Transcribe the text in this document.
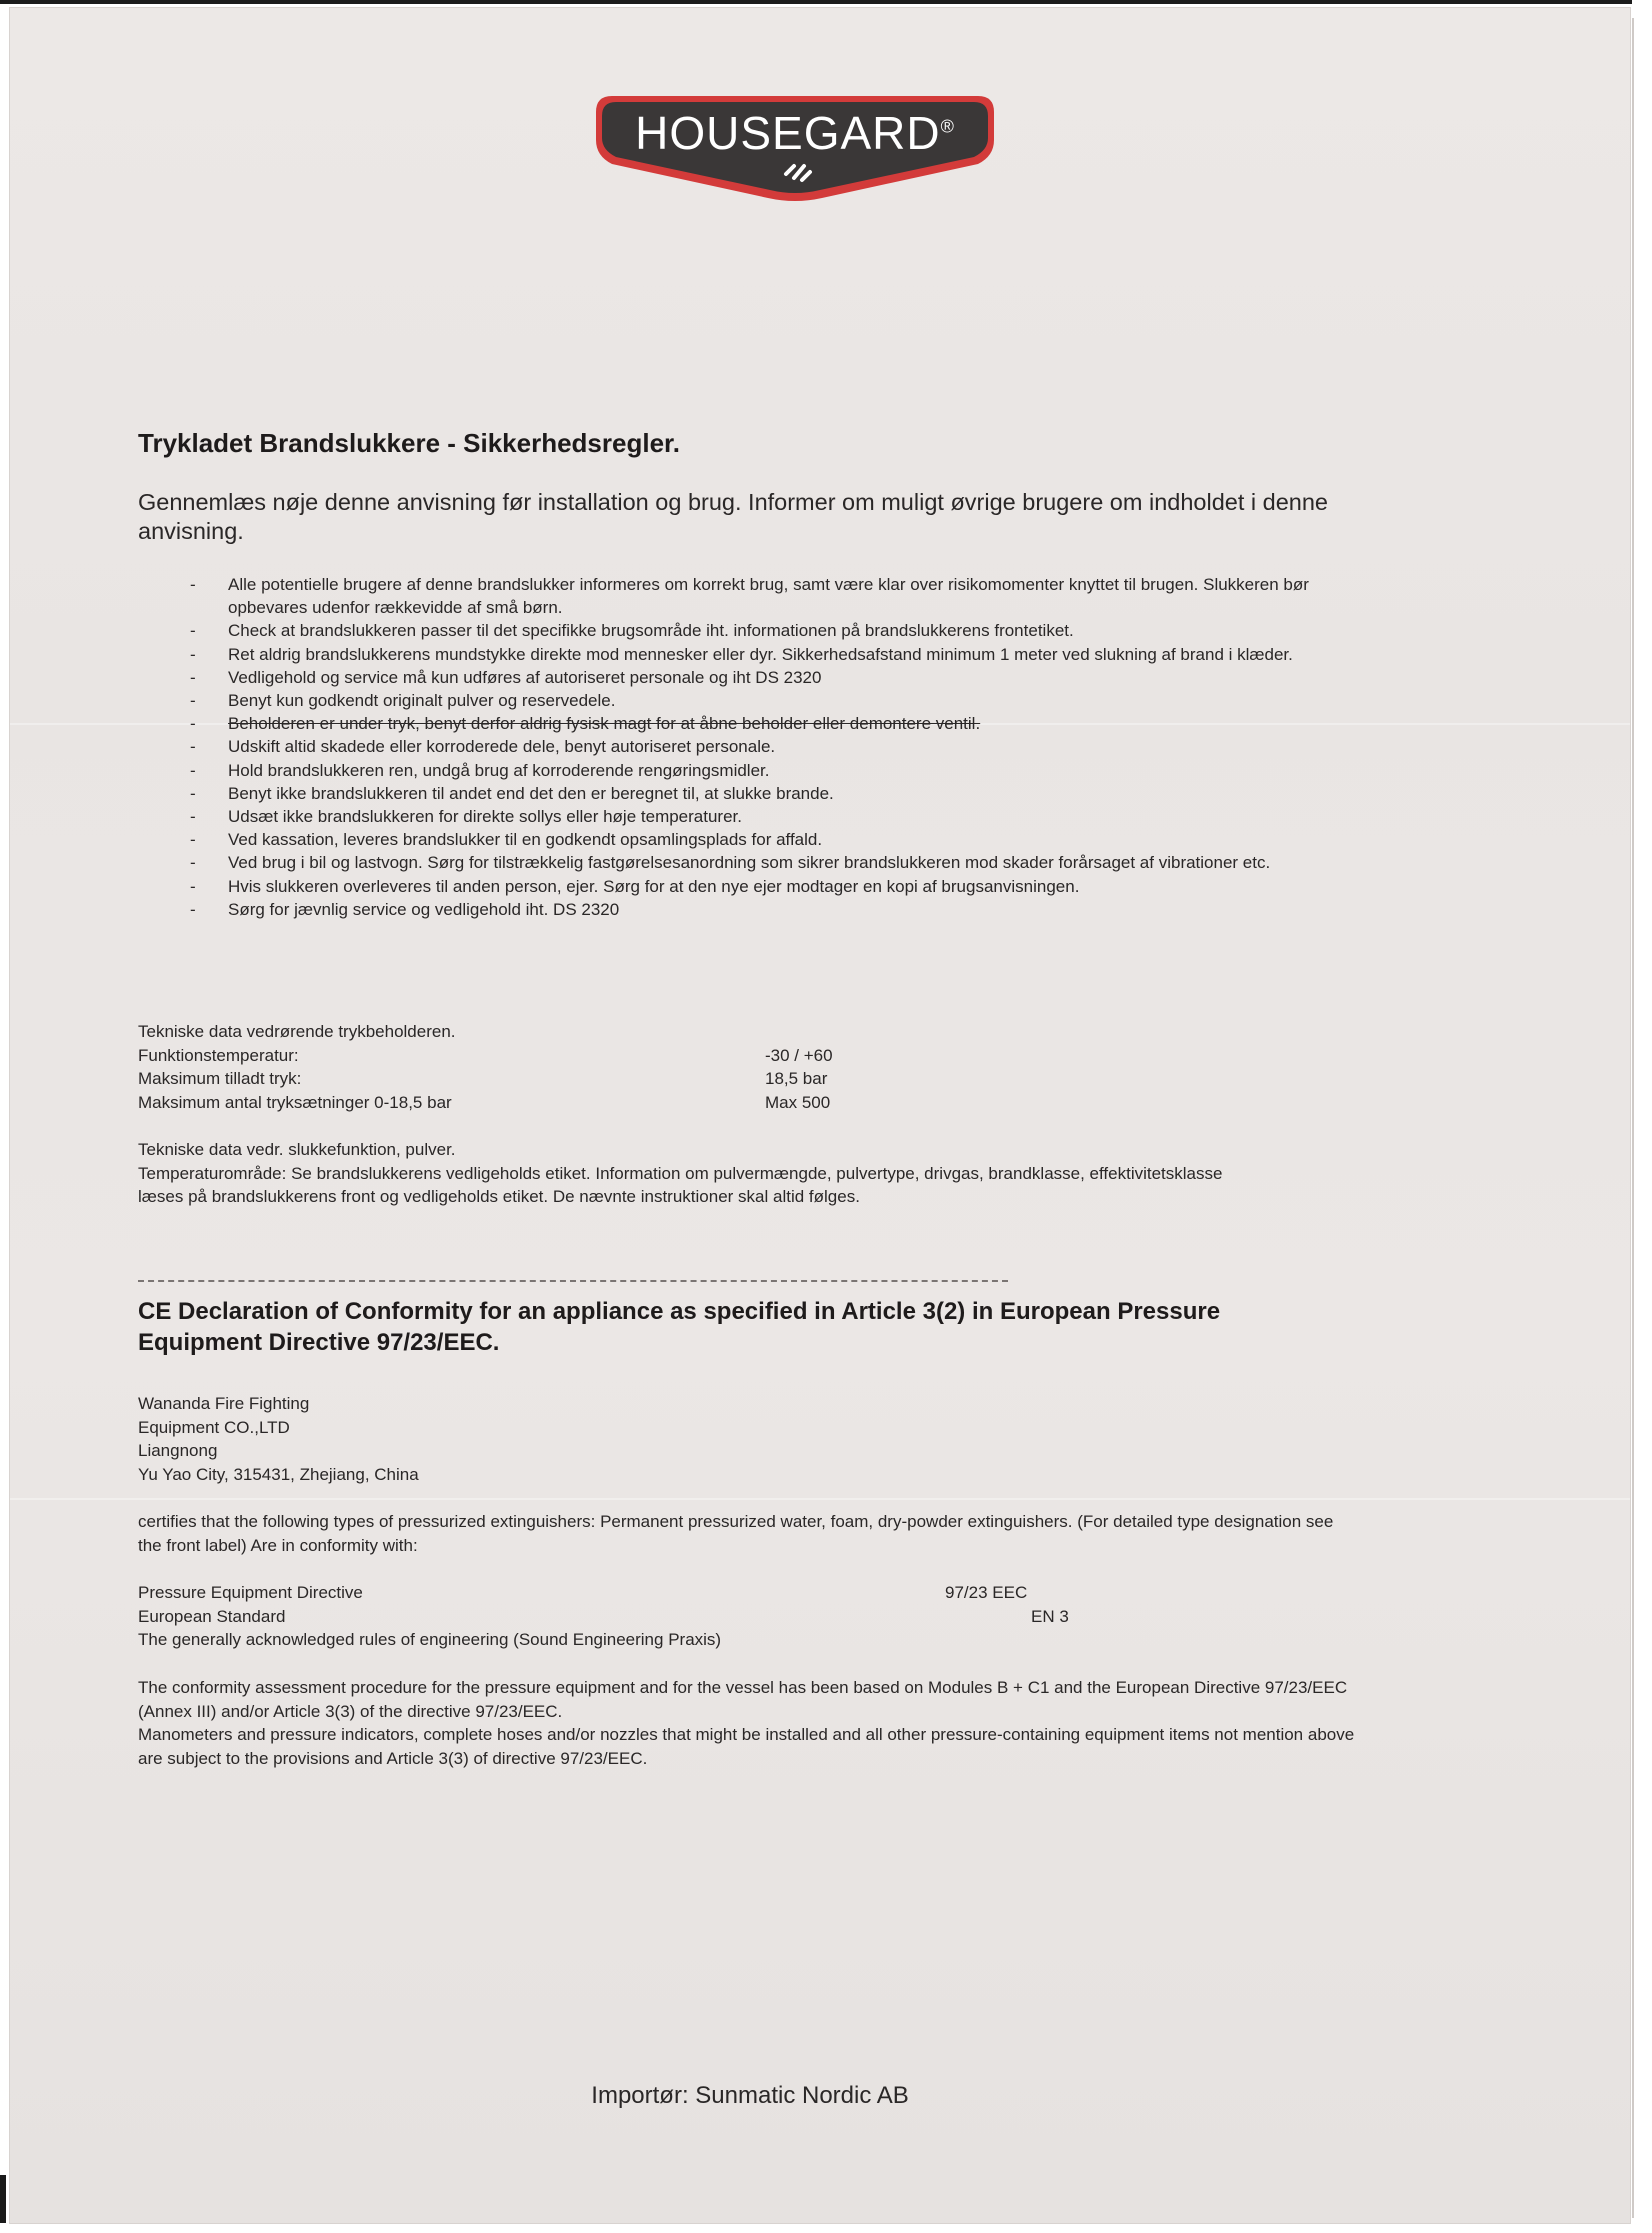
HOUSEGARD®
Trykladet Brandslukkere - Sikkerhedsregler.

Gennemlæs nøje denne anvisning før installation og brug. Informer om muligt øvrige brugere om indholdet i denne anvisning.

- Alle potentielle brugere af denne brandslukker informeres om korrekt brug, samt være klar over risikomomenter knyttet til brugen. Slukkeren bør opbevares udenfor rækkevidde af små børn.
- Check at brandslukkeren passer til det specifikke brugsområde iht. informationen på brandslukkerens frontetiket.
- Ret aldrig brandslukkerens mundstykke direkte mod mennesker eller dyr. Sikkerhedsafstand minimum 1 meter ved slukning af brand i klæder.
- Vedligehold og service må kun udføres af autoriseret personale og iht DS 2320
- Benyt kun godkendt originalt pulver og reservedele.
- Beholderen er under tryk, benyt derfor aldrig fysisk magt for at åbne beholder eller demontere ventil.
- Udskift altid skadede eller korroderede dele, benyt autoriseret personale.
- Hold brandslukkeren ren, undgå brug af korroderende rengøringsmidler.
- Benyt ikke brandslukkeren til andet end det den er beregnet til, at slukke brande.
- Udsæt ikke brandslukkeren for direkte sollys eller høje temperaturer.
- Ved kassation, leveres brandslukker til en godkendt opsamlingsplads for affald.
- Ved brug i bil og lastvogn. Sørg for tilstrækkelig fastgørelsesanordning som sikrer brandslukkeren mod skader forårsaget af vibrationer etc.
- Hvis slukkeren overleveres til anden person, ejer. Sørg for at den nye ejer modtager en kopi af brugsanvisningen.
- Sørg for jævnlig service og vedligehold iht. DS 2320
Tekniske data vedrørende trykbeholderen.
Funktionstemperatur:	-30 / +60
Maksimum tilladt tryk:	18,5 bar
Maksimum antal tryksætninger 0-18,5 bar	Max 500
Tekniske data vedr. slukkefunktion, pulver.
Temperaturområde: Se brandslukkerens vedligeholds etiket. Information om pulvermængde, pulvertype, drivgas, brandklasse, effektivitetsklasse læses på brandslukkerens front og vedligeholds etiket. De nævnte instruktioner skal altid følges.
CE Declaration of Conformity for an appliance as specified in Article 3(2) in European Pressure Equipment Directive 97/23/EEC.
Wananda Fire Fighting
Equipment CO.,LTD
Liangnong
Yu Yao City, 315431, Zhejiang, China
certifies that the following types of pressurized extinguishers: Permanent pressurized water, foam, dry-powder extinguishers. (For detailed type designation see the front label) Are in conformity with:
Pressure Equipment Directive	97/23 EEC
European Standard	EN 3
The generally acknowledged rules of engineering (Sound Engineering Praxis)
The conformity assessment procedure for the pressure equipment and for the vessel has been based on Modules B + C1 and the European Directive 97/23/EEC (Annex III) and/or Article 3(3) of the directive 97/23/EEC.
Manometers and pressure indicators, complete hoses and/or nozzles that might be installed and all other pressure-containing equipment items not mention above are subject to the provisions and Article 3(3) of directive 97/23/EEC.
Importør: Sunmatic Nordic AB
